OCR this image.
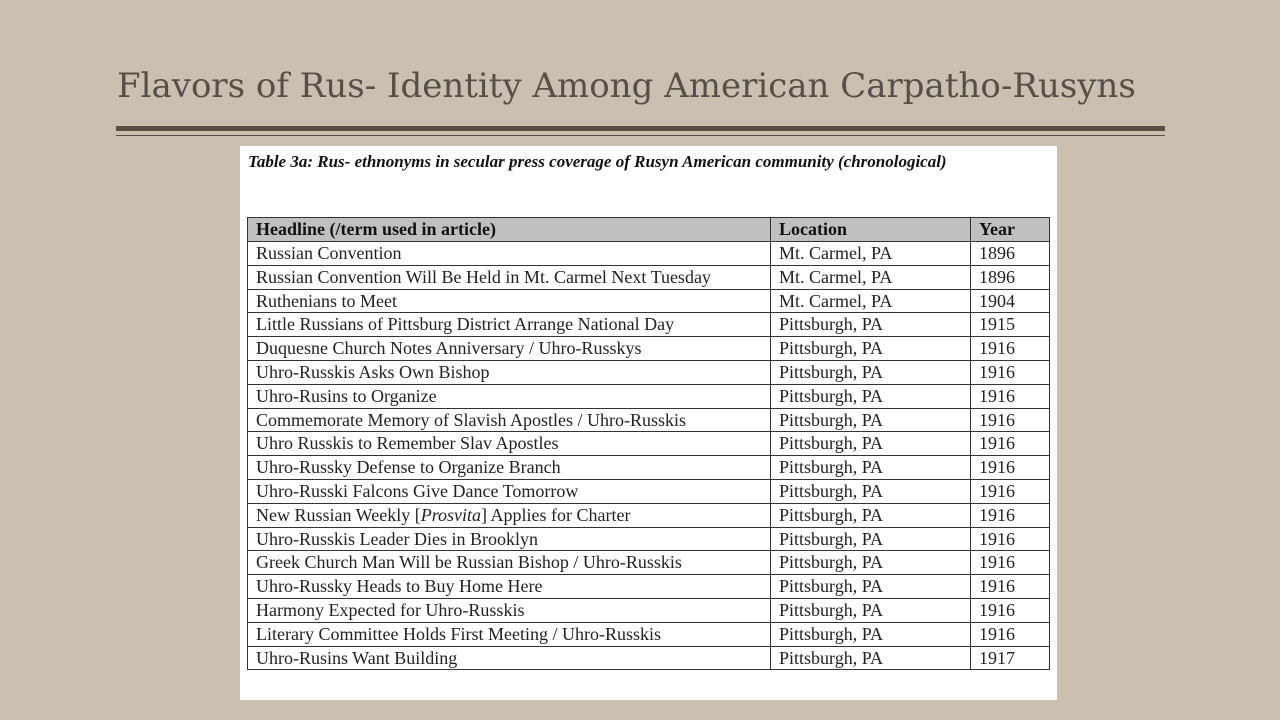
Flavors of Rus- Identity Among American Carpatho-Rusyns
Table 3a: Rus- ethnonyms in secular press coverage of Rusyn American community (chronological)
Headline (/term used in article)	Location	Year
Russian Convention	Mt. Carmel, PA	1896
Russian Convention Will Be Held in Mt. Carmel Next Tuesday	Mt. Carmel, PA	1896
Ruthenians to Meet	Mt. Carmel, PA	1904
Little Russians of Pittsburg District Arrange National Day	Pittsburgh, PA	1915
Duquesne Church Notes Anniversary / Uhro-Russkys	Pittsburgh, PA	1916
Uhro-Russkis Asks Own Bishop	Pittsburgh, PA	1916
Uhro-Rusins to Organize	Pittsburgh, PA	1916
Commemorate Memory of Slavish Apostles / Uhro-Russkis	Pittsburgh, PA	1916
Uhro Russkis to Remember Slav Apostles	Pittsburgh, PA	1916
Uhro-Russky Defense to Organize Branch	Pittsburgh, PA	1916
Uhro-Russki Falcons Give Dance Tomorrow	Pittsburgh, PA	1916
New Russian Weekly [Prosvita] Applies for Charter	Pittsburgh, PA	1916
Uhro-Russkis Leader Dies in Brooklyn	Pittsburgh, PA	1916
Greek Church Man Will be Russian Bishop / Uhro-Russkis	Pittsburgh, PA	1916
Uhro-Russky Heads to Buy Home Here	Pittsburgh, PA	1916
Harmony Expected for Uhro-Russkis	Pittsburgh, PA	1916
Literary Committee Holds First Meeting / Uhro-Russkis	Pittsburgh, PA	1916
Uhro-Rusins Want Building	Pittsburgh, PA	1917
